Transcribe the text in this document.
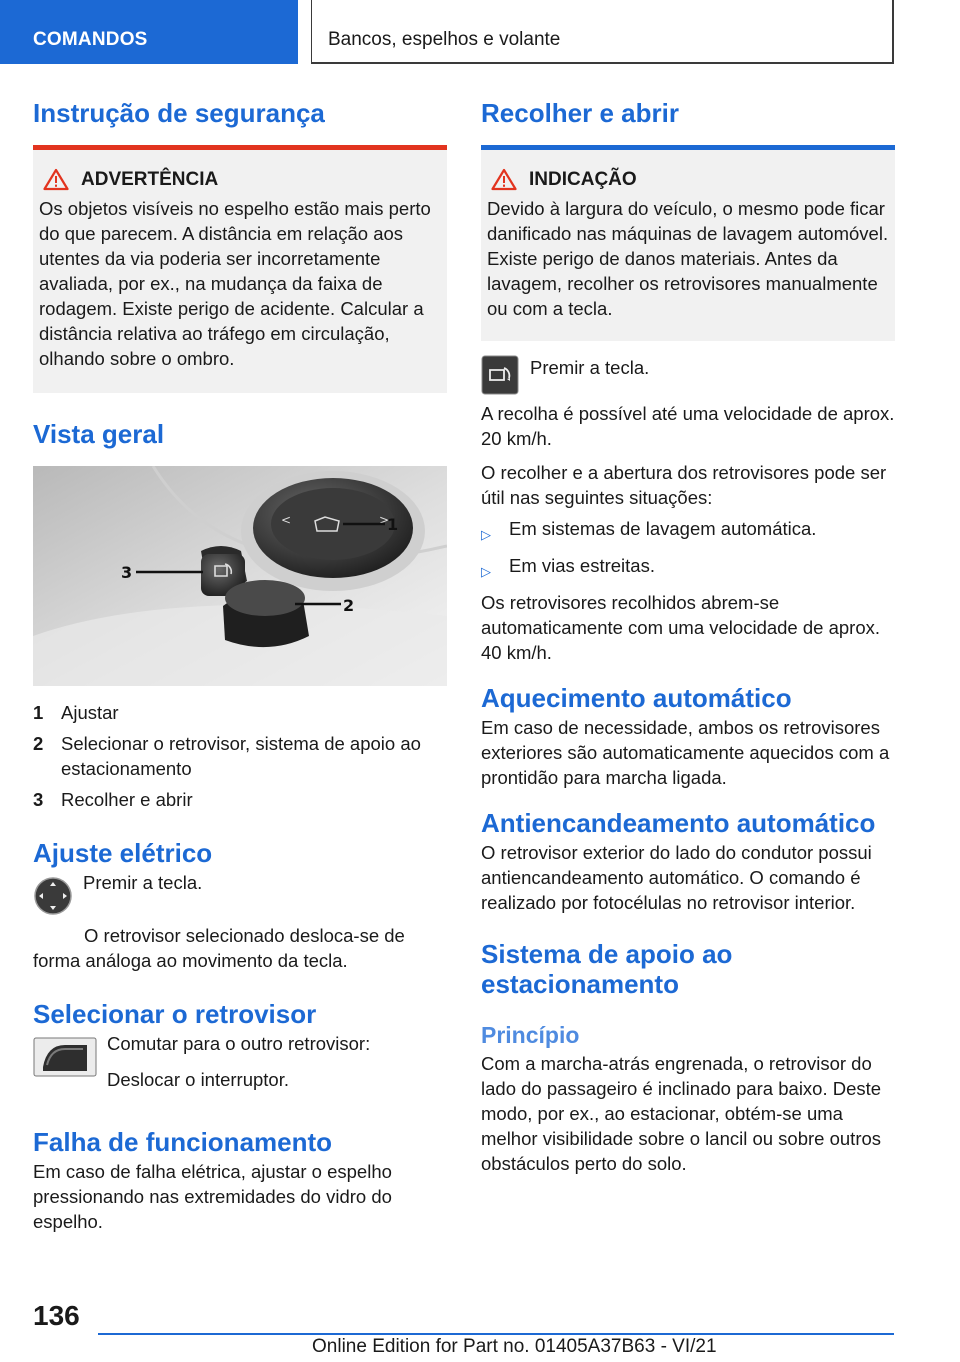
COMANDOS	Bancos, espelhos e volante
Instrução de segurança
ADVERTÊNCIA

Os objetos visíveis no espelho estão mais perto do que parecem. A distância em relação aos utentes da via poderia ser incorretamente avaliada, por ex., na mudança da faixa de rodagem. Existe perigo de acidente. Calcular a distância relativa ao tráfego em circulação, olhando sobre o ombro.

Vista geral
<	>
1
2
3
1 Ajustar
2 Selecionar o retrovisor, sistema de apoio ao estacionamento
3 Recolher e abrir
Ajuste elétrico

Premir a tecla.

O retrovisor selecionado desloca-se de forma análoga ao movimento da tecla.

Selecionar o retrovisor

Comutar para o outro retrovisor:

Deslocar o interruptor.

Falha de funcionamento

Em caso de falha elétrica, ajustar o espelho pressionando nas extremidades do vidro do espelho.

Recolher e abrir
INDICAÇÃO

Devido à largura do veículo, o mesmo pode ficar danificado nas máquinas de lavagem automóvel. Existe perigo de danos materiais. Antes da lavagem, recolher os retrovisores manualmente ou com a tecla.

Premir a tecla.

A recolha é possível até uma velocidade de aprox. 20 km/h.

O recolher e a abertura dos retrovisores pode ser útil nas seguintes situações:

▷ Em sistemas de lavagem automática.
▷ Em vias estreitas.

Os retrovisores recolhidos abrem-se automaticamente com uma velocidade de aprox. 40 km/h.

Aquecimento automático

Em caso de necessidade, ambos os retrovisores exteriores são automaticamente aquecidos com a prontidão para marcha ligada.

Antiencandeamento automático

O retrovisor exterior do lado do condutor possui antiencandeamento automático. O comando é realizado por fotocélulas no retrovisor interior.

Sistema de apoio ao estacionamento
Princípio

Com a marcha-atrás engrenada, o retrovisor do lado do passageiro é inclinado para baixo. Deste modo, por ex., ao estacionar, obtém-se uma melhor visibilidade sobre o lancil ou sobre outros obstáculos perto do solo.

136
Online Edition for Part no. 01405A37B63 - VI/21
